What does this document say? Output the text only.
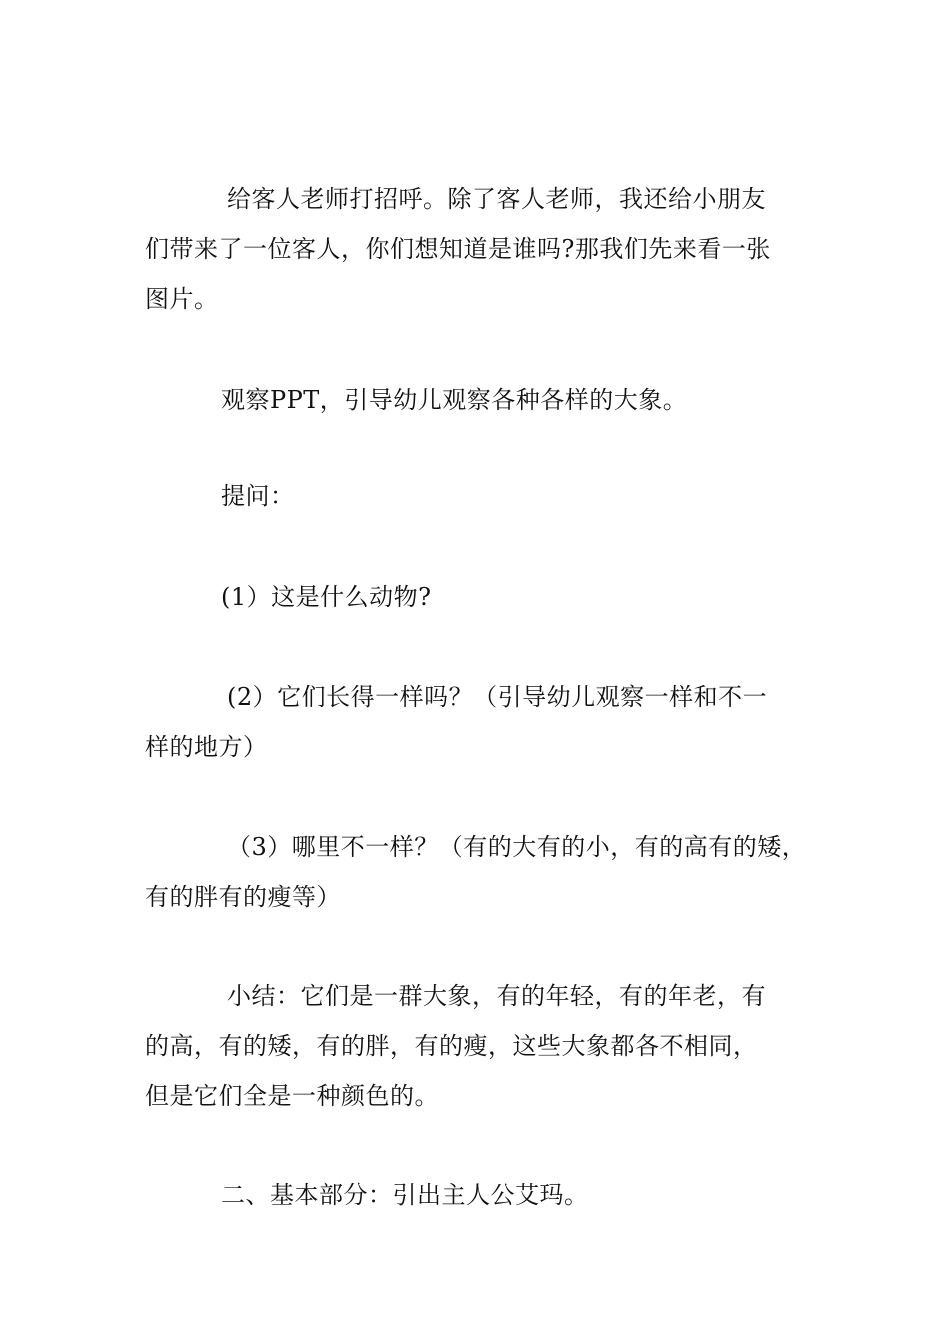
给客人老师打招呼。除了客人老师，我还给小朋友
们带来了一位客人，你们想知道是谁吗?那我们先来看一张
图片。
观察PPT，引导幼儿观察各种各样的大象。
提问：
(1）这是什么动物?
(2）它们长得一样吗？（引导幼儿观察一样和不一
样的地方）
（3）哪里不一样？（有的大有的小，有的高有的矮，
有的胖有的瘦等）
小结：它们是一群大象，有的年轻，有的年老，有
的高，有的矮，有的胖，有的瘦，这些大象都各不相同，
但是它们全是一种颜色的。
二、基本部分：引出主人公艾玛。
